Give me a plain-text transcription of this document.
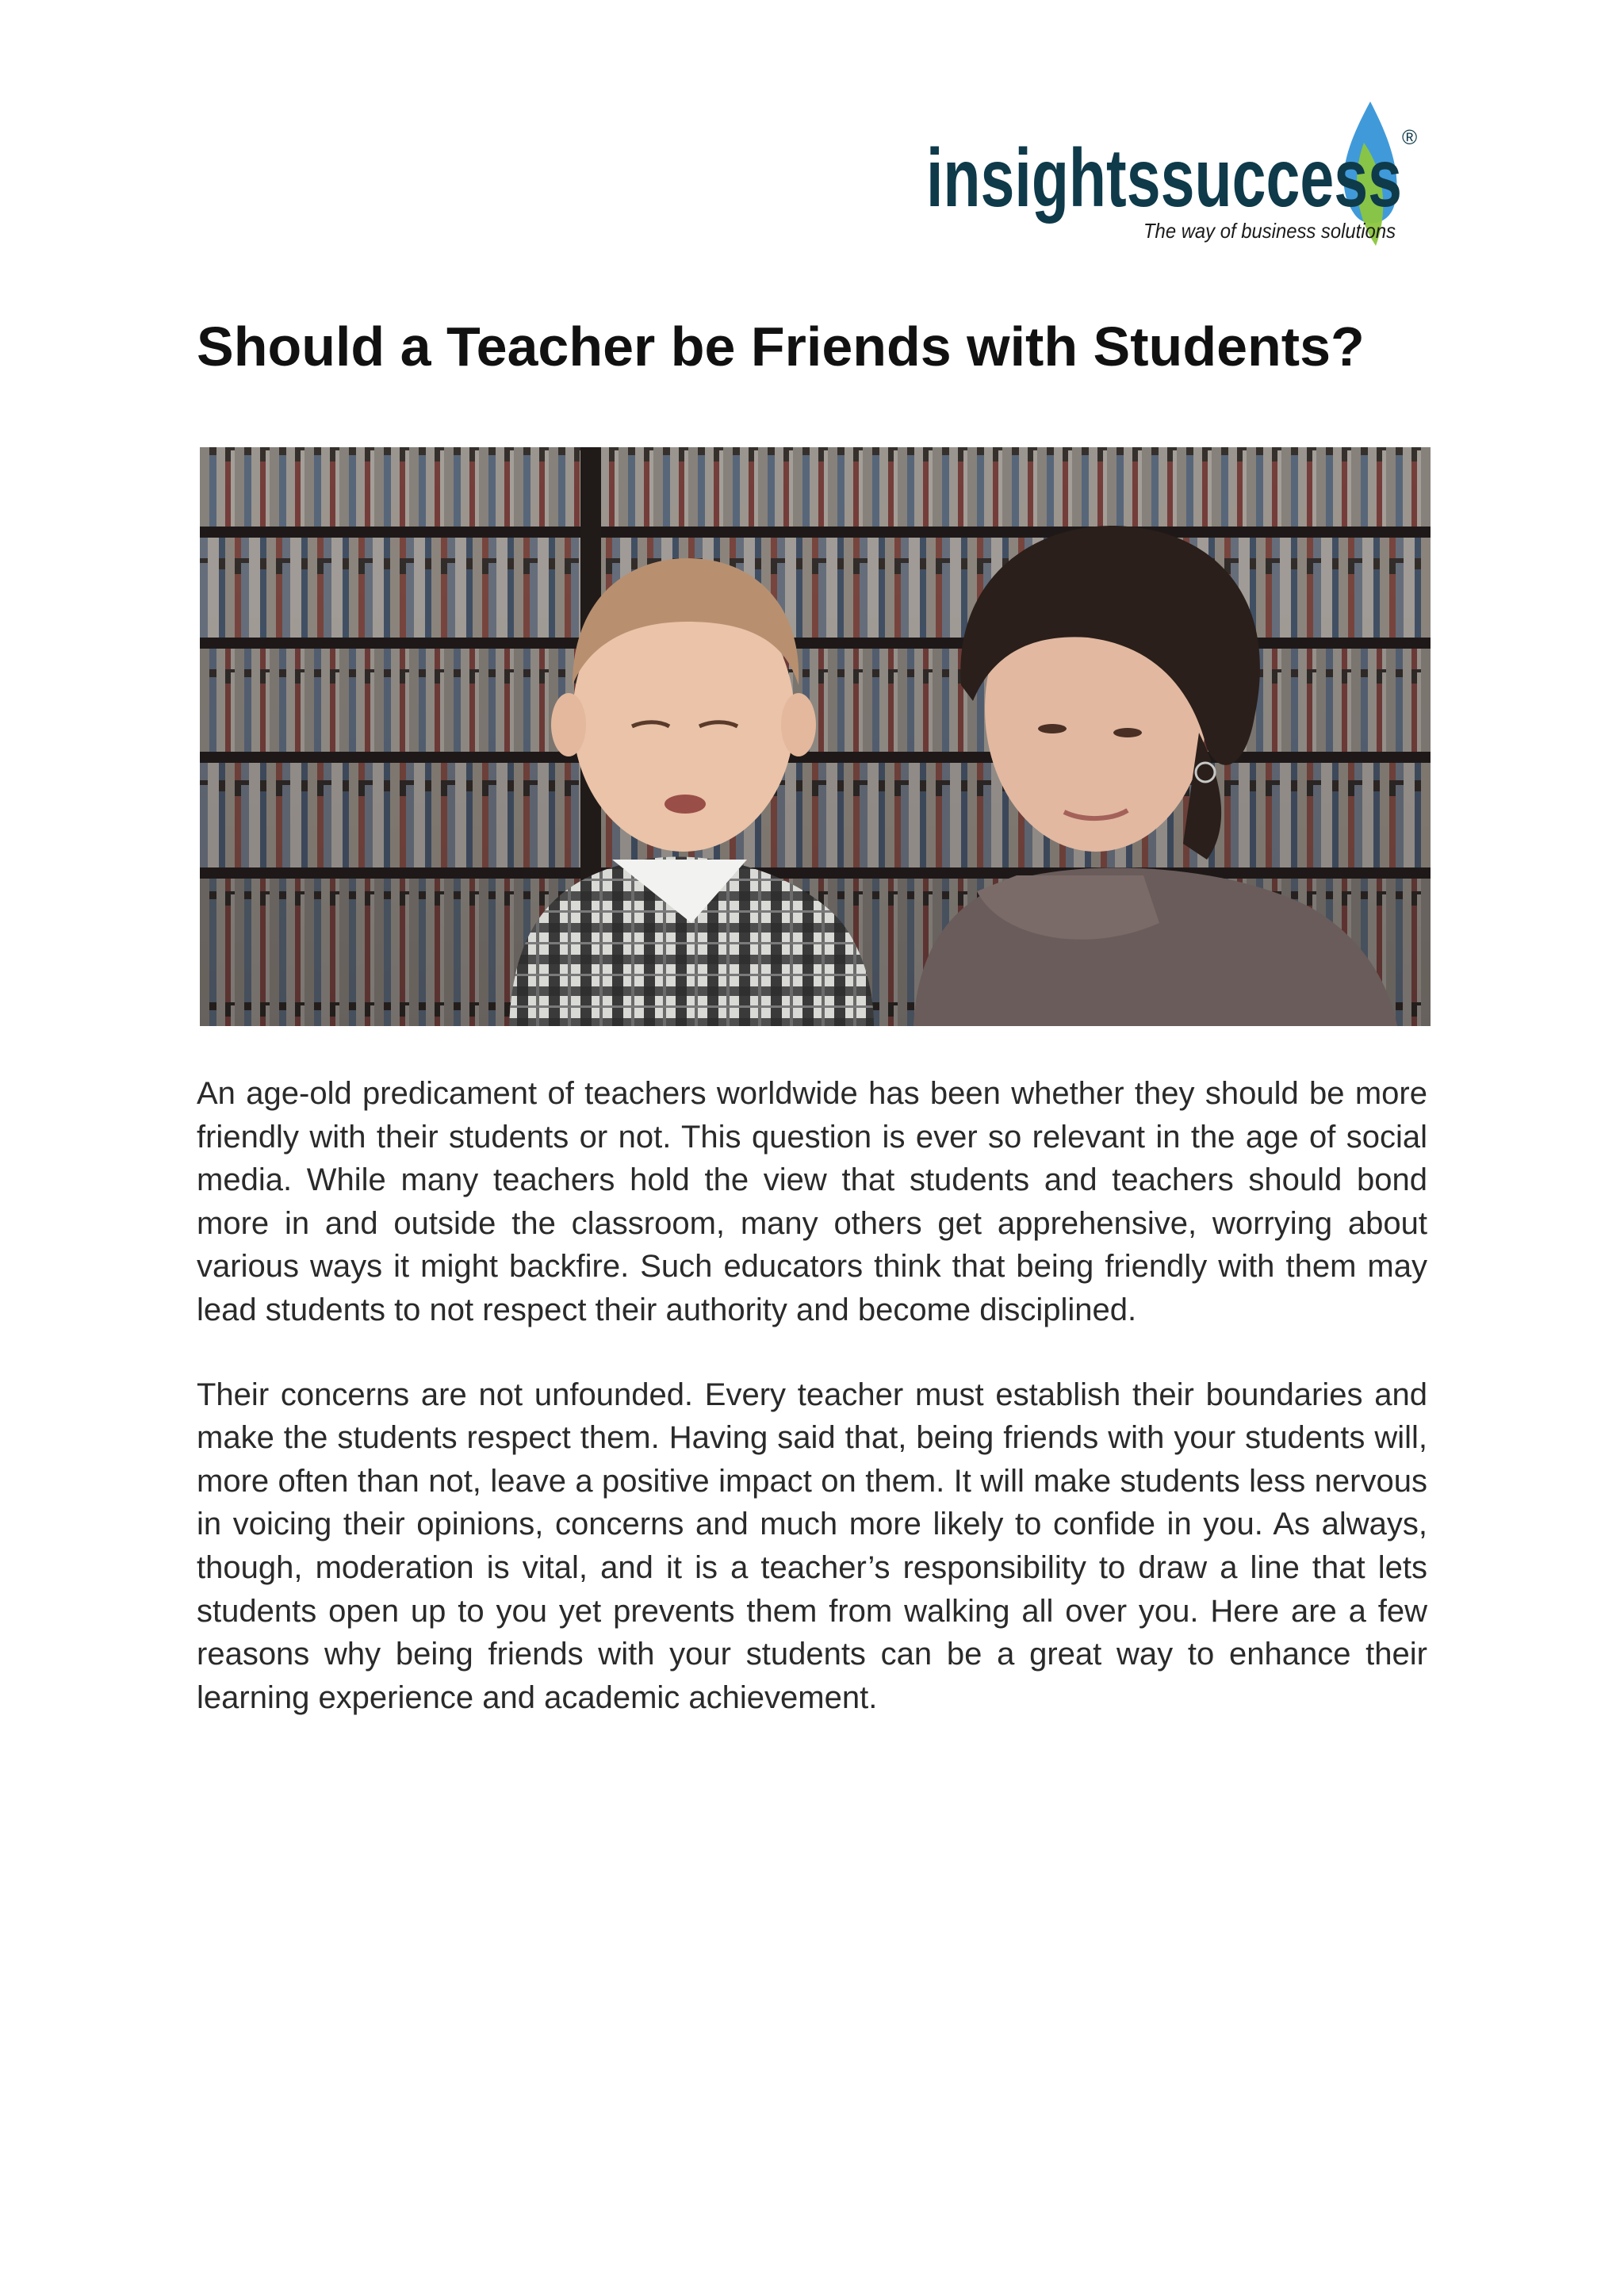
insightssuccess ®
The way of business solutions
Should a Teacher be Friends with Students?

An age-old predicament of teachers worldwide has been whether they should be more friendly with their students or not. This question is ever so relevant in the age of social media. While many teachers hold the view that students and teachers should bond more in and outside the classroom, many others get apprehensive, worrying about various ways it might backfire. Such educators think that being friendly with them may lead students to not respect their authority and become disciplined.

Their concerns are not unfounded. Every teacher must establish their boundaries and make the students respect them. Having said that, being friends with your students will, more often than not, leave a positive impact on them. It will make students less nervous in voicing their opinions, concerns and much more likely to confide in you. As always, though, moderation is vital, and it is a teacher’s responsibility to draw a line that lets students open up to you yet prevents them from walking all over you. Here are a few reasons why being friends with your students can be a great way to enhance their learning experience and academic achievement.
